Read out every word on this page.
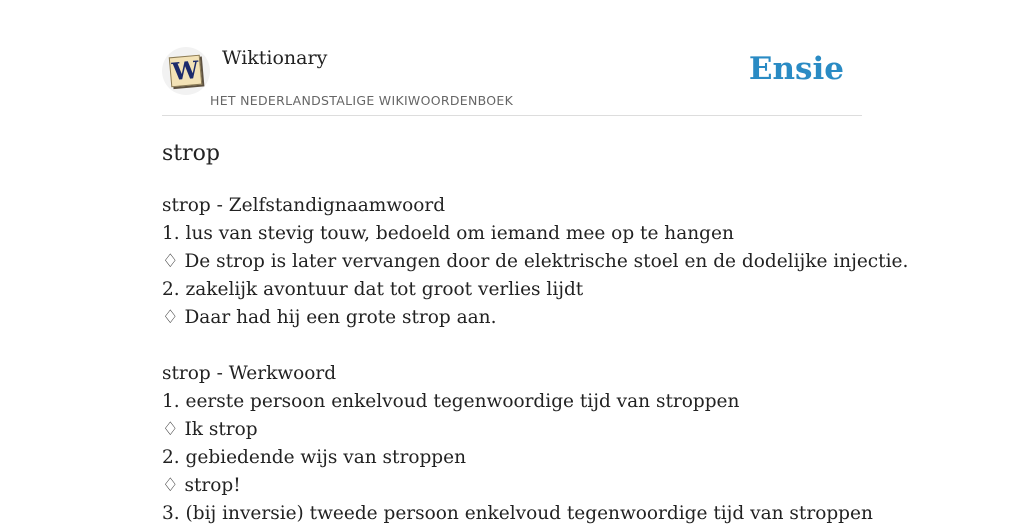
W Wiktionary
HET NEDERLANDSTALIGE WIKIWOORDENBOEK
Ensie
strop
strop - Zelfstandignaamwoord
1. lus van stevig touw, bedoeld om iemand mee op te hangen
♢ De strop is later vervangen door de elektrische stoel en de dodelijke injectie.
2. zakelijk avontuur dat tot groot verlies lijdt
♢ Daar had hij een grote strop aan.
strop - Werkwoord
1. eerste persoon enkelvoud tegenwoordige tijd van stroppen
♢ Ik strop
2. gebiedende wijs van stroppen
♢ strop!
3. (bij inversie) tweede persoon enkelvoud tegenwoordige tijd van stroppen
